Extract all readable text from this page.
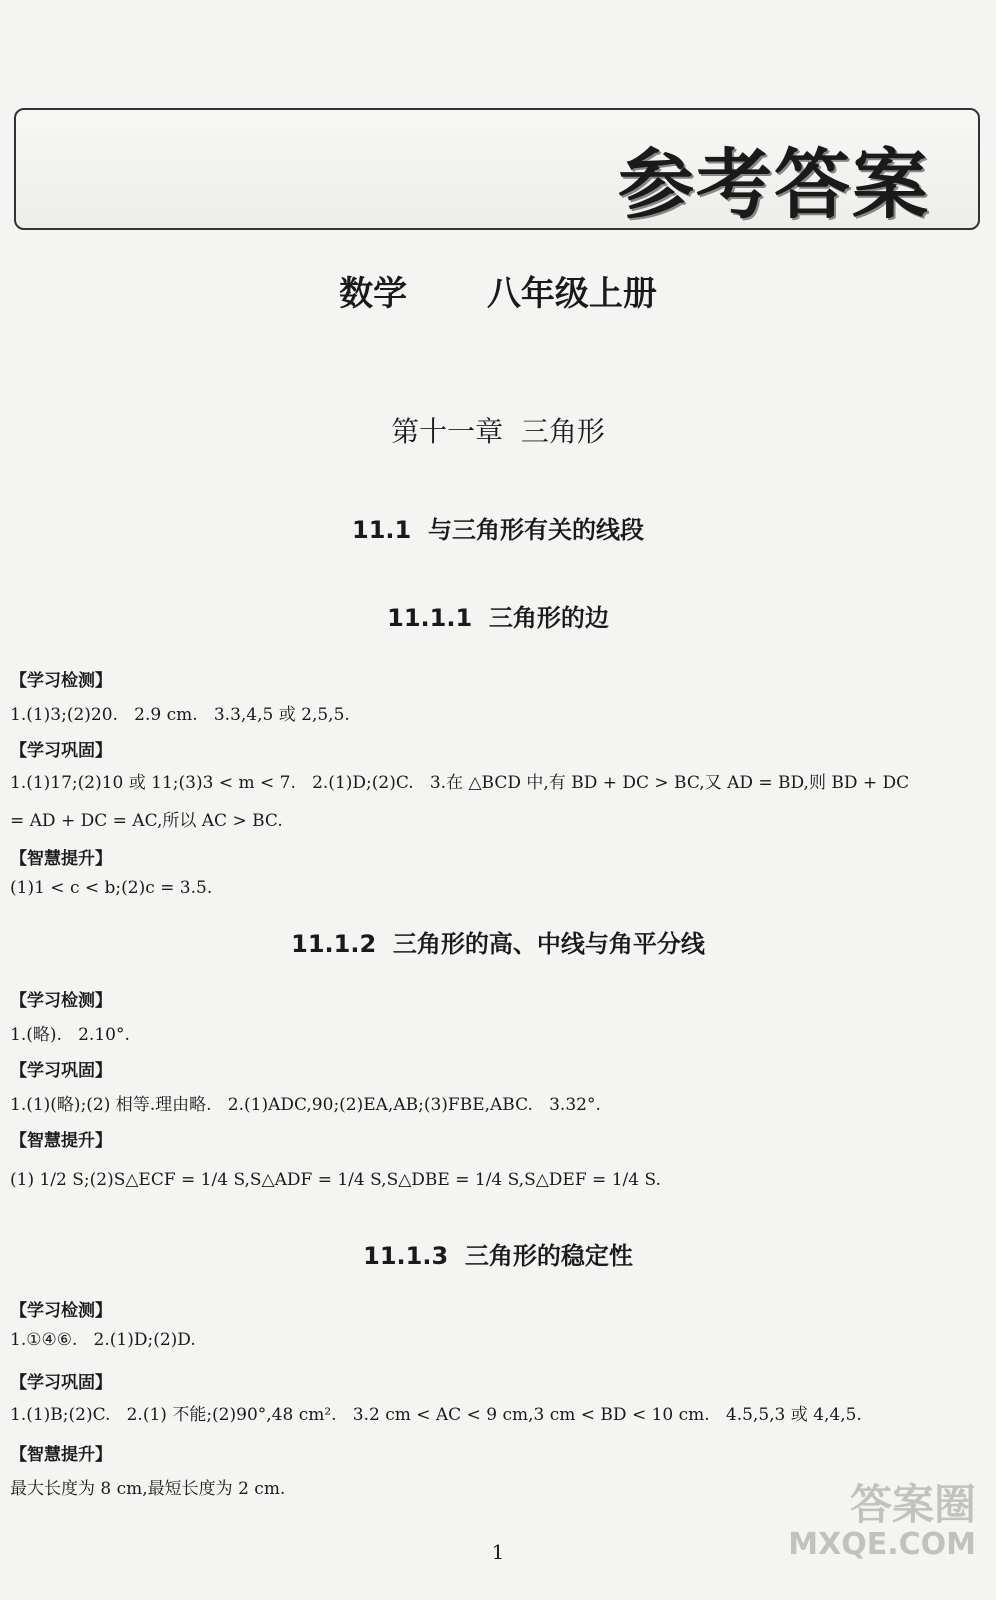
参考答案
数学  八年级上册
第十一章  三角形
11.1  与三角形有关的线段
11.1.1  三角形的边
【学习检测】
1.(1)3;(2)20.   2.9 cm.   3.3,4,5 或 2,5,5.
【学习巩固】
1.(1)17;(2)10 或 11;(3)3 < m < 7.   2.(1)D;(2)C.   3.在 △BCD 中,有 BD + DC > BC,又 AD = BD,则 BD + DC
= AD + DC = AC,所以 AC > BC.
【智慧提升】
(1)1 < c < b;(2)c = 3.5.
11.1.2  三角形的高、中线与角平分线
【学习检测】
1.(略).   2.10°.
【学习巩固】
1.(1)(略);(2) 相等.理由略.   2.(1)ADC,90;(2)EA,AB;(3)FBE,ABC.   3.32°.
【智慧提升】
(1) 1/2 S;(2)S△ECF = 1/4 S,S△ADF = 1/4 S,S△DBE = 1/4 S,S△DEF = 1/4 S.
11.1.3  三角形的稳定性
【学习检测】
1.①④⑥.   2.(1)D;(2)D.
【学习巩固】
1.(1)B;(2)C.   2.(1) 不能;(2)90°,48 cm².   3.2 cm < AC < 9 cm,3 cm < BD < 10 cm.   4.5,5,3 或 4,4,5.
【智慧提升】
最大长度为 8 cm,最短长度为 2 cm.	答案圈
MXQE.COM
1
